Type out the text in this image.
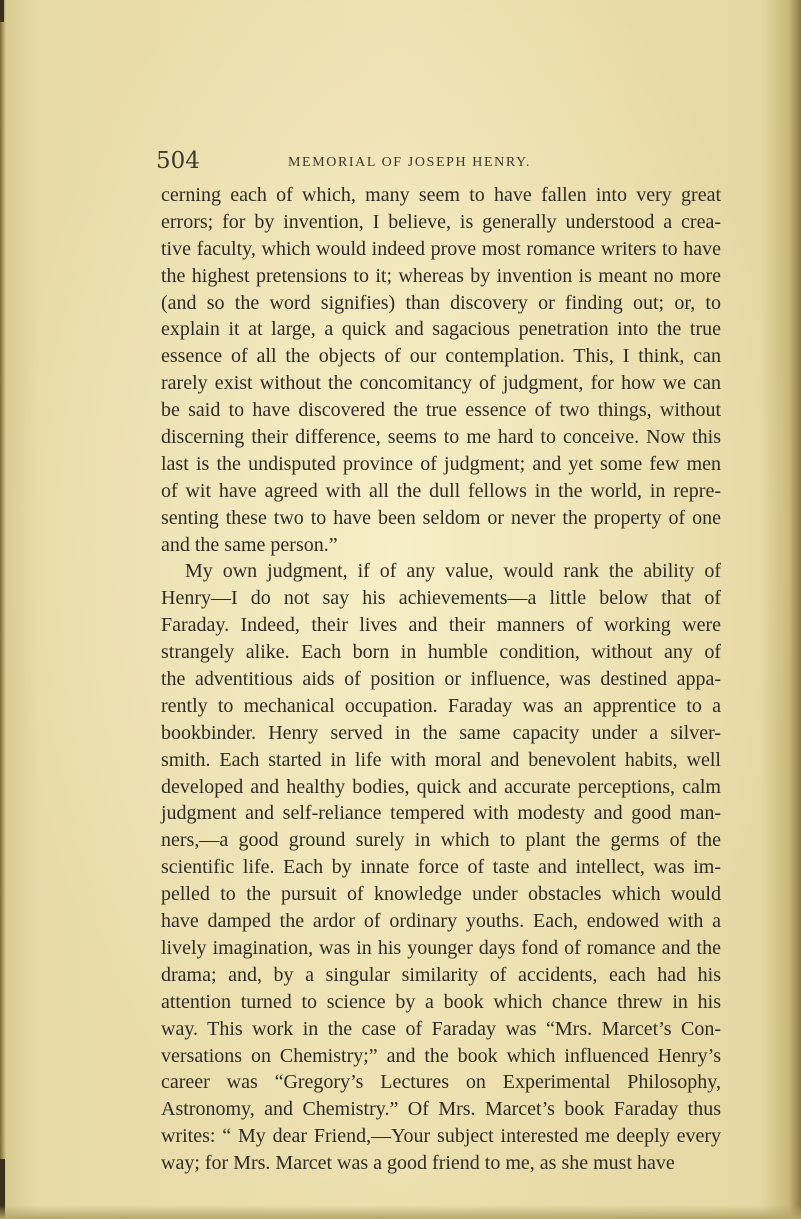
504	MEMORIAL OF JOSEPH HENRY.
cerning each of which, many seem to have fallen into very great
errors; for by invention, I believe, is generally understood a crea-
tive faculty, which would indeed prove most romance writers to have
the highest pretensions to it; whereas by invention is meant no more
(and so the word signifies) than discovery or finding out; or, to
explain it at large, a quick and sagacious penetration into the true
essence of all the objects of our contemplation. This, I think, can
rarely exist without the concomitancy of judgment, for how we can
be said to have discovered the true essence of two things, without
discerning their difference, seems to me hard to conceive. Now this
last is the undisputed province of judgment; and yet some few men
of wit have agreed with all the dull fellows in the world, in repre-
senting these two to have been seldom or never the property of one
and the same person.”
My own judgment, if of any value, would rank the ability of
Henry—I do not say his achievements—a little below that of
Faraday. Indeed, their lives and their manners of working were
strangely alike. Each born in humble condition, without any of
the adventitious aids of position or influence, was destined appa-
rently to mechanical occupation. Faraday was an apprentice to a
bookbinder. Henry served in the same capacity under a silver-
smith. Each started in life with moral and benevolent habits, well
developed and healthy bodies, quick and accurate perceptions, calm
judgment and self-reliance tempered with modesty and good man-
ners,—a good ground surely in which to plant the germs of the
scientific life. Each by innate force of taste and intellect, was im-
pelled to the pursuit of knowledge under obstacles which would
have damped the ardor of ordinary youths. Each, endowed with a
lively imagination, was in his younger days fond of romance and the
drama; and, by a singular similarity of accidents, each had his
attention turned to science by a book which chance threw in his
way. This work in the case of Faraday was “Mrs. Marcet’s Con-
versations on Chemistry;” and the book which influenced Henry’s
career was “Gregory’s Lectures on Experimental Philosophy,
Astronomy, and Chemistry.” Of Mrs. Marcet’s book Faraday thus
writes: “ My dear Friend,—Your subject interested me deeply every
way; for Mrs. Marcet was a good friend to me, as she must have
